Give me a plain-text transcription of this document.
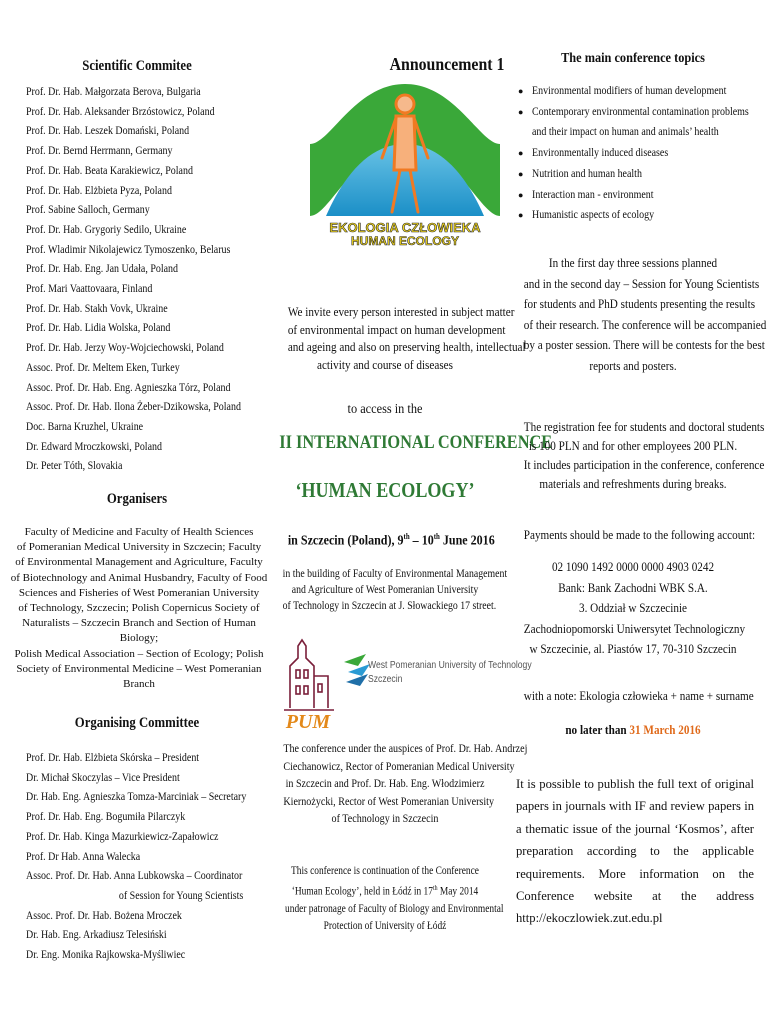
Scientific Commitee
Prof. Dr. Hab. Małgorzata Berova, Bulgaria
Prof. Dr. Hab. Aleksander Brzóstowicz, Poland
Prof. Dr. Hab. Leszek Domański, Poland
Prof. Dr. Bernd Herrmann, Germany
Prof. Dr. Hab. Beata Karakiewicz, Poland
Prof. Dr. Hab. Elżbieta Pyza, Poland
Prof. Sabine Salloch, Germany
Prof. Dr. Hab. Grygoriy Sedilo, Ukraine
Prof. Wladimir Nikolajewicz Tymoszenko, Belarus
Prof. Dr. Hab. Eng. Jan Udała, Poland
Prof. Mari Vaattovaara, Finland
Prof. Dr. Hab. Stakh Vovk, Ukraine
Prof. Dr. Hab. Lidia Wolska, Poland
Prof. Dr. Hab. Jerzy Woy-Wojciechowski, Poland
Assoc. Prof. Dr. Meltem Eken, Turkey
Assoc. Prof. Dr. Hab. Eng. Agnieszka Tórz, Poland
Assoc. Prof. Dr. Hab. Ilona Żeber-Dzikowska, Poland
Doc. Barna Kruzhel, Ukraine
Dr. Edward Mroczkowski, Poland
Dr. Peter Tóth, Slovakia
Organisers
Faculty of Medicine and Faculty of Health Sciences
of Pomeranian Medical University in Szczecin; Faculty
of Environmental Management and Agriculture, Faculty
of Biotechnology and Animal Husbandry, Faculty of Food
Sciences and Fisheries of West Pomeranian University
of Technology, Szczecin; Polish Copernicus Society of
Naturalists – Szczecin Branch and Section of Human Biology;
Polish Medical Association – Section of Ecology; Polish
Society of Environmental Medicine – West Pomeranian Branch
Organising Committee
Prof. Dr. Hab. Elżbieta Skórska – President
Dr. Michał Skoczylas – Vice President
Dr. Hab. Eng. Agnieszka Tomza-Marciniak – Secretary
Prof. Dr. Hab. Eng. Bogumiła Pilarczyk
Prof. Dr. Hab. Kinga Mazurkiewicz-Zapałowicz
Prof. Dr Hab. Anna Walecka
Assoc. Prof. Dr. Hab. Anna Lubkowska – Coordinator
of Session for Young Scientists
Assoc. Prof. Dr. Hab. Bożena Mroczek
Dr. Hab. Eng. Arkadiusz Telesiński
Dr. Eng. Monika Rajkowska-Myśliwiec
Announcement 1
EKOLOGIA CZŁOWIEKA
HUMAN ECOLOGY
We invite every person interested in subject matter
of environmental impact on human development
and ageing and also on preserving health, intellectual
activity and course of diseases
to access in the
II INTERNATIONAL CONFERENCE
‘HUMAN ECOLOGY’
in Szczecin (Poland), 9th – 10th June 2016
in the building of Faculty of Environmental Management
and Agriculture of West Pomeranian University
of Technology in Szczecin at J. Słowackiego 17 street.
PUM
West Pomeranian University of Technology
Szczecin
The conference under the auspices of Prof. Dr. Hab. Andrzej
Ciechanowicz, Rector of Pomeranian Medical University
in Szczecin and Prof. Dr. Hab. Eng. Włodzimierz
Kiernożycki, Rector of West Pomeranian University
of Technology in Szczecin
This conference is continuation of the Conference
‘Human Ecology’, held in Łódź in 17th May 2014
under patronage of Faculty of Biology and Environmental
Protection of University of Łódź
The main conference topics
● Environmental modifiers of human development
● Contemporary environmental contamination problems
and their impact on human and animals’ health
● Environmentally induced diseases
● Nutrition and human health
● Interaction man - environment
● Humanistic aspects of ecology
In the first day three sessions planned
and in the second day – Session for Young Scientists
for students and PhD students presenting the results
of their research. The conference will be accompanied
by a poster session. There will be contests for the best
reports and posters.
The registration fee for students and doctoral students
is 100 PLN and for other employees 200 PLN.
It includes participation in the conference, conference
materials and refreshments during breaks.
Payments should be made to the following account:
02 1090 1492 0000 0000 4903 0242
Bank: Bank Zachodni WBK S.A.
3. Oddział w Szczecinie
Zachodniopomorski Uniwersytet Technologiczny
w Szczecinie, al. Piastów 17, 70-310 Szczecin
with a note: Ekologia człowieka + name + surname
no later than 31 March 2016
It is possible to publish the full text of original papers in journals with IF and review papers in a thematic issue of the journal ‘Kosmos’, after preparation according to the applicable requirements. More information on the Conference website at the address http://ekoczlowiek.zut.edu.pl
